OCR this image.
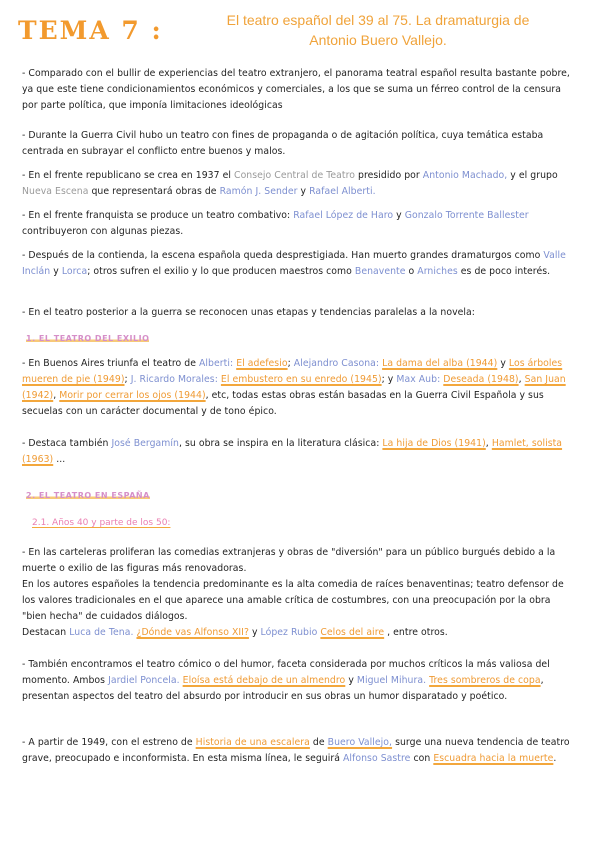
TEMA 7 :	El teatro español del 39 al 75. La dramaturgia de
Antonio Buero Vallejo.

- Comparado con el bullir de experiencias del teatro extranjero, el panorama teatral español resulta bastante pobre, ya que este tiene condicionamientos económicos y comerciales, a los que se suma un férreo control de la censura por parte política, que imponía limitaciones ideológicas

- Durante la Guerra Civil hubo un teatro con fines de propaganda o de agitación política, cuya temática estaba centrada en subrayar el conflicto entre buenos y malos.

- En el frente republicano se crea en 1937 el Consejo Central de Teatro presidido por Antonio Machado, y el grupo Nueva Escena que representará obras de Ramón J. Sender y Rafael Alberti.

- En el frente franquista se produce un teatro combativo: Rafael López de Haro y Gonzalo Torrente Ballester contribuyeron con algunas piezas.

- Después de la contienda, la escena española queda desprestigiada. Han muerto grandes dramaturgos como Valle Inclán y Lorca; otros sufren el exilio y lo que producen maestros como Benavente o Arniches es de poco interés.

- En el teatro posterior a la guerra se reconocen unas etapas y tendencias paralelas a la novela:

1. EL TEATRO DEL EXILIO

- En Buenos Aires triunfa el teatro de Alberti: El adefesio; Alejandro Casona: La dama del alba (1944) y Los árboles mueren de pie (1949); J. Ricardo Morales: El embustero en su enredo (1945); y Max Aub: Deseada (1948), San Juan (1942), Morir por cerrar los ojos (1944), etc, todas estas obras están basadas en la Guerra Civil Española y sus secuelas con un carácter documental y de tono épico.

- Destaca también José Bergamín, su obra se inspira en la literatura clásica: La hija de Dios (1941), Hamlet, solista (1963) ...

2. EL TEATRO EN ESPAÑA
2.1. Años 40 y parte de los 50:

- En las carteleras proliferan las comedias extranjeras y obras de "diversión" para un público burgués debido a la muerte o exilio de las figuras más renovadoras.

En los autores españoles la tendencia predominante es la alta comedia de raíces benaventinas; teatro defensor de los valores tradicionales en el que aparece una amable crítica de costumbres, con una preocupación por la obra "bien hecha" de cuidados diálogos.

Destacan Luca de Tena. ¿Dónde vas Alfonso XII? y López Rubio Celos del aire , entre otros.

- También encontramos el teatro cómico o del humor, faceta considerada por muchos críticos la más valiosa del momento. Ambos Jardiel Poncela. Eloísa está debajo de un almendro y Miguel Mihura. Tres sombreros de copa, presentan aspectos del teatro del absurdo por introducir en sus obras un humor disparatado y poético.

- A partir de 1949, con el estreno de Historia de una escalera de Buero Vallejo, surge una nueva tendencia de teatro grave, preocupado e inconformista. En esta misma línea, le seguirá Alfonso Sastre con Escuadra hacia la muerte.
